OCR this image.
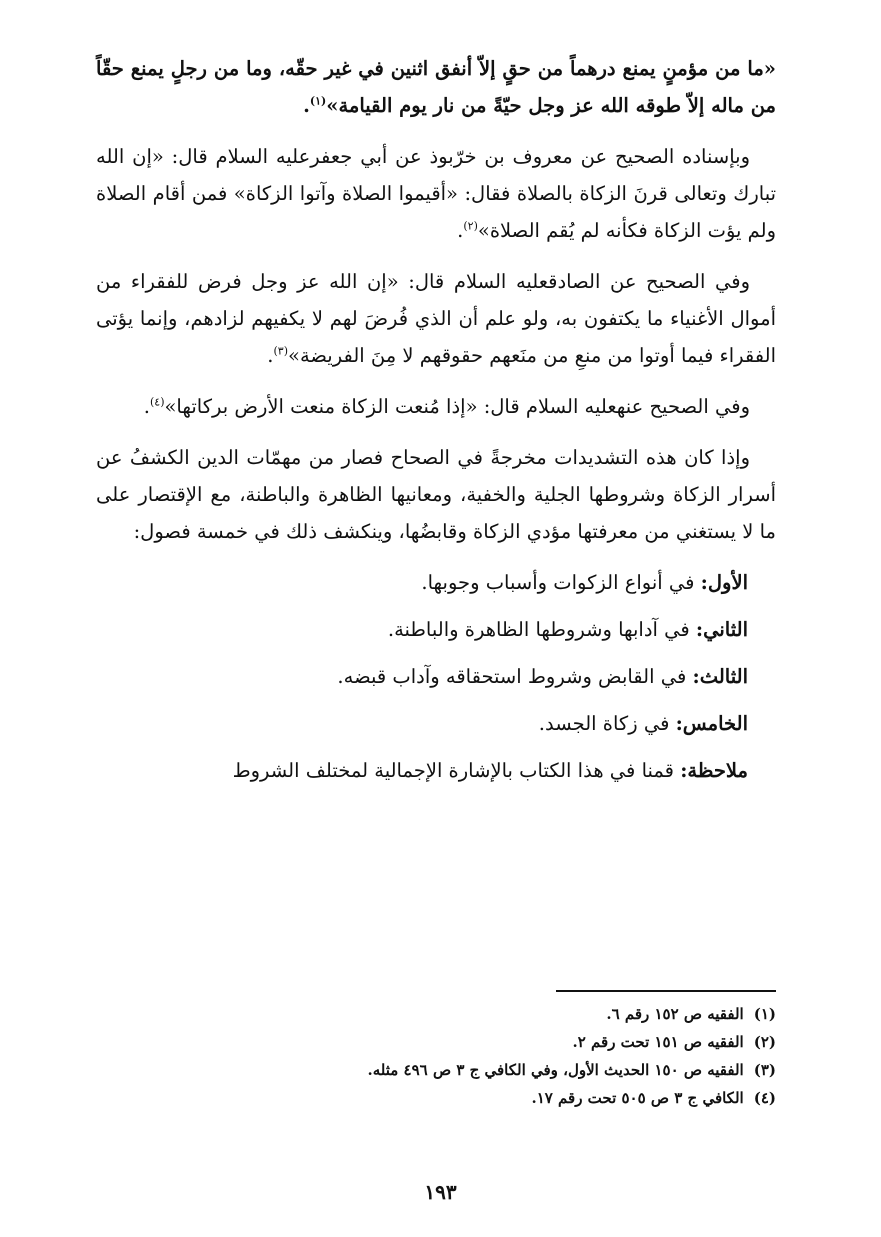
«ما من مؤمنٍ يمنع درهماً من حقٍ إلاّ أنفق اثنين في غير حقّه، وما من رجلٍ يمنع حقّاً من ماله إلاّ طوقه الله عز وجل حيّةً من نار يوم القيامة»$^{(١)}$.

وبإسناده الصحيح عن معروف بن خرّبوذ عن أبي جعفرعليه السلام قال: «إن الله تبارك وتعالى قرنَ الزكاة بالصلاة فقال: «أقيموا الصلاة وآتوا الزكاة» فمن أقام الصلاة ولم يؤت الزكاة فكأنه لم يُقم الصلاة»$^{(٢)}$.

وفي الصحيح عن الصادقعليه السلام قال: «إن الله عز وجل فرض للفقراء من أموال الأغنياء ما يكتفون به، ولو علم أن الذي فُرضَ لهم لا يكفيهم لزادهم، وإنما يؤتى الفقراء فيما أوتوا من منعِ من منَعهم حقوقهم لا مِنَ الفريضة»$^{(٣)}$.

وفي الصحيح عنهعليه السلام قال: «إذا مُنعت الزكاة منعت الأرض بركاتها»$^{(٤)}$.

وإذا كان هذه التشديدات مخرجةً في الصحاح فصار من مهمّات الدين الكشفُ عن أسرار الزكاة وشروطها الجلية والخفية، ومعانيها الظاهرة والباطنة، مع الإقتصار على ما لا يستغني من معرفتها مؤدي الزكاة وقابضُها، وينكشف ذلك في خمسة فصول:

الأول: في أنواع الزكوات وأسباب وجوبها.

الثاني: في آدابها وشروطها الظاهرة والباطنة.

الثالث: في القابض وشروط استحقاقه وآداب قبضه.

الخامس: في زكاة الجسد.

ملاحظة: قمنا في هذا الكتاب بالإشارة الإجمالية لمختلف الشروط

(١)الفقيه ص ١٥٢ رقم ٦.

(٢)الفقيه ص ١٥١ تحت رقم ٢.

(٣)الفقيه ص ١٥٠ الحديث الأول، وفي الكافي ج ٣ ص ٤٩٦ مثله.

(٤)الكافي ج ٣ ص ٥٠٥ تحت رقم ١٧.

١٩٣
